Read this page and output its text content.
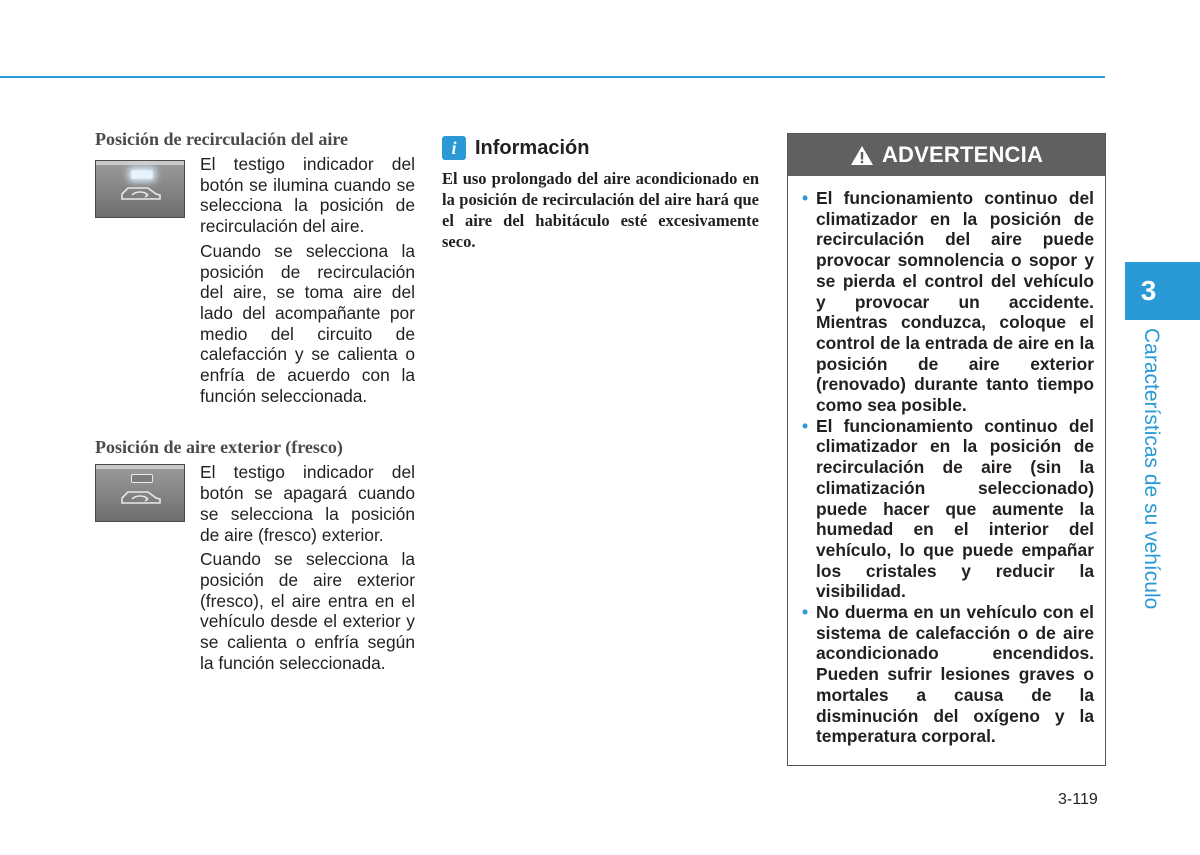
Posición de recirculación del aire

El testigo indicador del botón se ilumina cuando se selecciona la posición de recirculación del aire.

Cuando se selecciona la posición de recirculación del aire, se toma aire del lado del acompañante por medio del circuito de calefacción y se calienta o enfría de acuerdo con la función seleccionada.

Posición de aire exterior (fresco)

El testigo indicador del botón se apagará cuando se selecciona la posición de aire (fresco) exterior.

Cuando se selecciona la posición de aire exterior (fresco), el aire entra en el vehículo desde el exterior y se calienta o enfría según la función seleccionada.

i Información

El uso prolongado del aire acondicionado en la posición de recirculación del aire hará que el aire del habitáculo esté excesivamente seco.

ADVERTENCIA
• El funcionamiento continuo del climatizador en la posición de recirculación del aire puede provocar somnolencia o sopor y se pierda el control del vehículo y provocar un accidente. Mientras conduzca, coloque el control de la entrada de aire en la posición de aire exterior (renovado) durante tanto tiempo como sea posible.
• El funcionamiento continuo del climatizador en la posición de recirculación de aire (sin la climatización seleccionado) puede hacer que aumente la humedad en el interior del vehículo, lo que puede empañar los cristales y reducir la visibilidad.
• No duerma en un vehículo con el sistema de calefacción o de aire acondicionado encendidos. Pueden sufrir lesiones graves o mortales a causa de la disminución del oxígeno y la temperatura corporal.
3
Características de su vehículo
3-119
